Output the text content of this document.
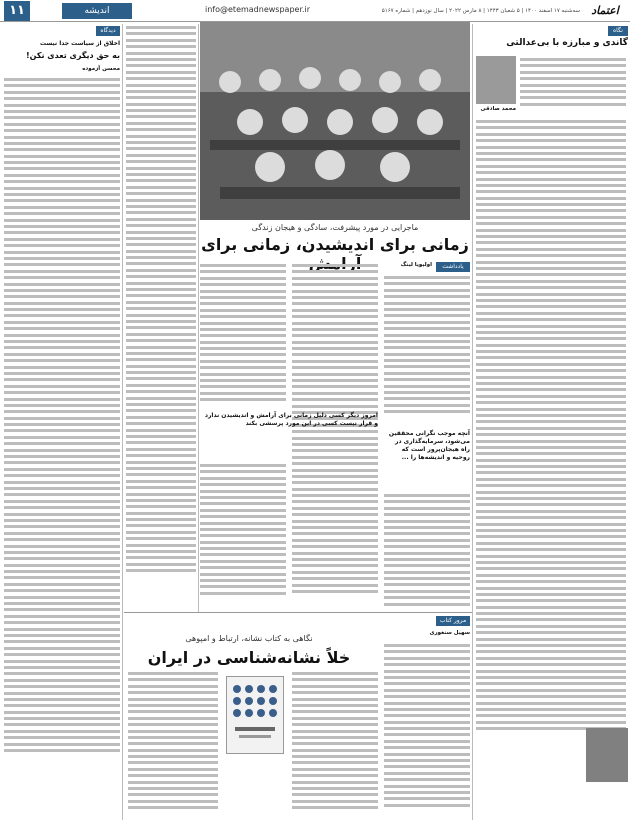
۱۱	اندیشه	info@etemadnewspaper.ir	سه‌شنبه ۱۷ اسفند ۱۴۰۰ | ۵ شعبان ۱۴۴۳ | ۸ مارس ۲۰۲۲ | سال نوزدهم | شماره ۵۱۶۷	اعتماد
نگاه
گاندی و مبارزه با بی‌عدالتی
محمد صادقی
ماجرایی در مورد پیشرفت، سادگی و هیجان زندگی
زمانی برای اندیشیدن، زمانی برای
یادداشت
اولیویا لینگ
آنچه موجب نگرانی محققین می‌شود، سرمایه‌گذاری در راه هیجان‌پرور است که روحیه و اندیشه‌ها را ...
امروز دیگر کسی دلیل زمانی برای آرامش و اندیشیدن ندارد و قرار نیست کسی در این مورد پرسشی بکند
مرور کتاب
سهیل سنغوری
نگاهی به کتاب نشانه، ارتباط و امپوهی
خلاً نشانه‌شناسی در ایران
دیدگاه
اخلاق از سیاست جدا نیست
به حق دیگری تعدی نکن!
محسن آزموده
